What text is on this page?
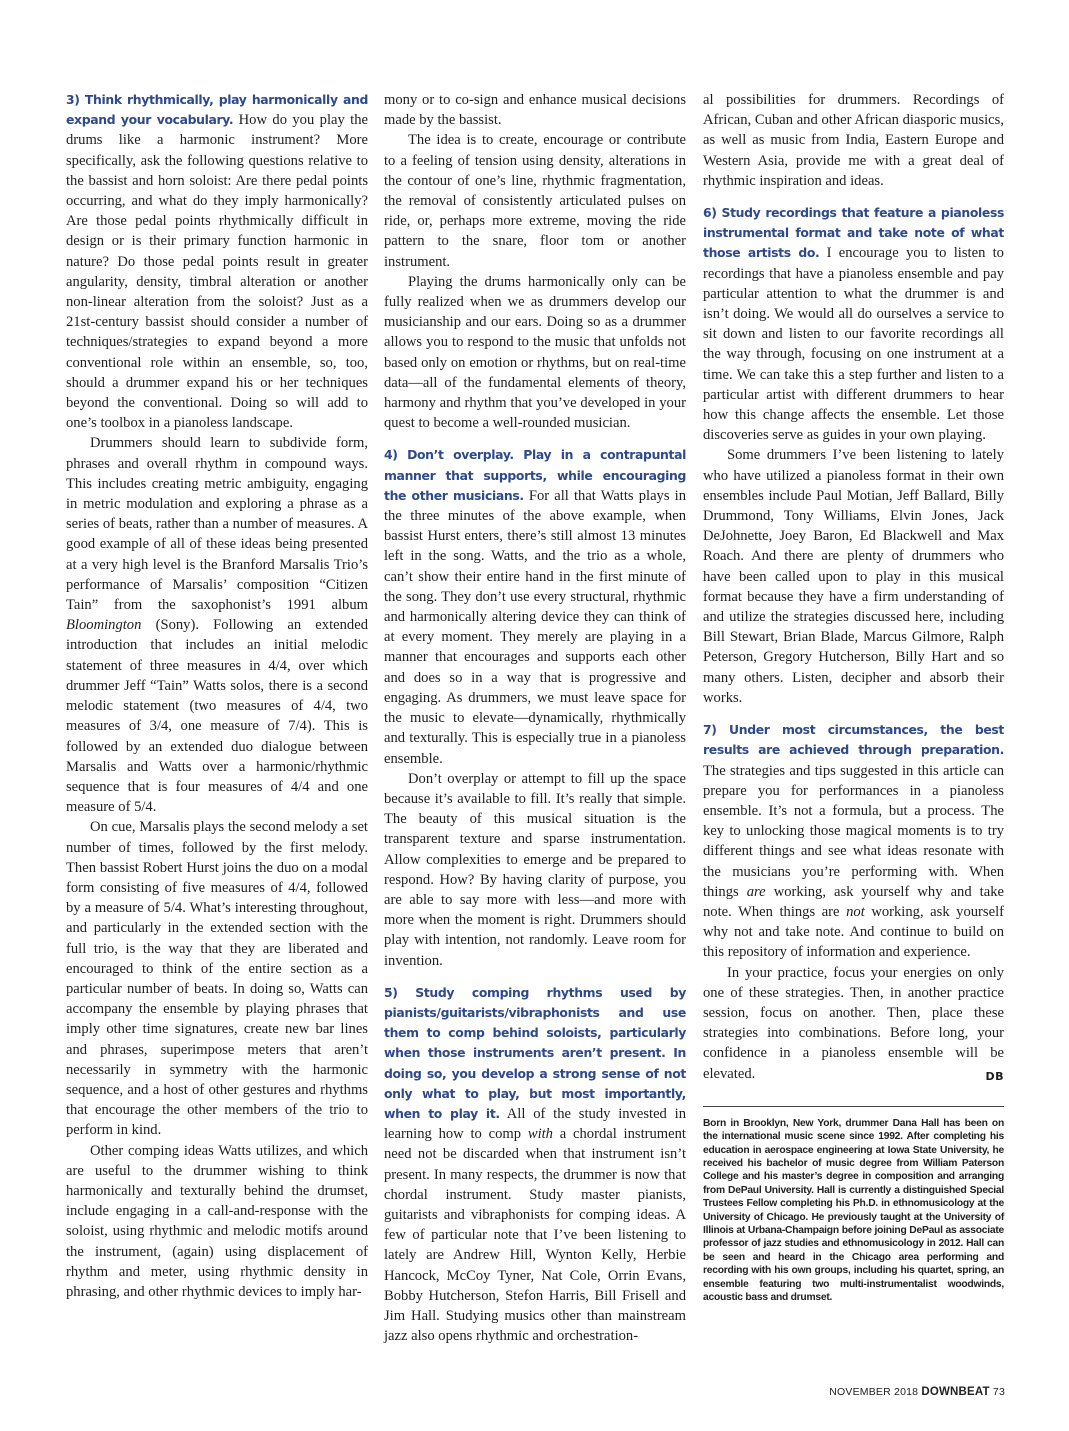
3) Think rhythmically, play harmonically and expand your vocabulary. How do you play the drums like a harmonic instrument? More specifically, ask the following questions relative to the bassist and horn soloist: Are there pedal points occurring, and what do they imply harmonically? Are those pedal points rhythmically difficult in design or is their primary function harmonic in nature? Do those pedal points result in greater angularity, density, timbral alteration or another non-linear alteration from the soloist? Just as a 21st-century bassist should consider a number of techniques/strategies to expand beyond a more conventional role within an ensemble, so, too, should a drummer expand his or her techniques beyond the conventional. Doing so will add to one’s toolbox in a pianoless landscape.

Drummers should learn to subdivide form, phrases and overall rhythm in compound ways. This includes creating metric ambiguity, engaging in metric modulation and exploring a phrase as a series of beats, rather than a number of measures. A good example of all of these ideas being presented at a very high level is the Branford Marsalis Trio’s performance of Marsalis’ composition “Citizen Tain” from the saxophonist’s 1991 album Bloomington (Sony). Following an extended introduction that includes an initial melodic statement of three measures in 4/4, over which drummer Jeff “Tain” Watts solos, there is a second melodic statement (two measures of 4/4, two measures of 3/4, one measure of 7/4). This is followed by an extended duo dialogue between Marsalis and Watts over a harmonic/rhythmic sequence that is four measures of 4/4 and one measure of 5/4.

On cue, Marsalis plays the second melody a set number of times, followed by the first melody. Then bassist Robert Hurst joins the duo on a modal form consisting of five measures of 4/4, followed by a measure of 5/4. What’s interesting throughout, and particularly in the extended section with the full trio, is the way that they are liberated and encouraged to think of the entire section as a particular number of beats. In doing so, Watts can accompany the ensemble by playing phrases that imply other time signatures, create new bar lines and phrases, superimpose meters that aren’t necessarily in symmetry with the harmonic sequence, and a host of other gestures and rhythms that encourage the other members of the trio to perform in kind.

Other comping ideas Watts utilizes, and which are useful to the drummer wishing to think harmonically and texturally behind the drumset, include engaging in a call-and-response with the soloist, using rhythmic and melodic motifs around the instrument, (again) using displacement of rhythm and meter, using rhythmic density in phrasing, and other rhythmic devices to imply har-

mony or to co-sign and enhance musical decisions made by the bassist.

The idea is to create, encourage or contribute to a feeling of tension using density, alterations in the contour of one’s line, rhythmic fragmentation, the removal of consistently articulated pulses on ride, or, perhaps more extreme, moving the ride pattern to the snare, floor tom or another instrument.

Playing the drums harmonically only can be fully realized when we as drummers develop our musicianship and our ears. Doing so as a drummer allows you to respond to the music that unfolds not based only on emotion or rhythms, but on real-time data—all of the fundamental elements of theory, harmony and rhythm that you’ve developed in your quest to become a well-rounded musician.

4) Don’t overplay. Play in a contrapuntal manner that supports, while encouraging the other musicians. For all that Watts plays in the three minutes of the above example, when bassist Hurst enters, there’s still almost 13 minutes left in the song. Watts, and the trio as a whole, can’t show their entire hand in the first minute of the song. They don’t use every structural, rhythmic and harmonically altering device they can think of at every moment. They merely are playing in a manner that encourages and supports each other and does so in a way that is progressive and engaging. As drummers, we must leave space for the music to elevate—dynamically, rhythmically and texturally. This is especially true in a pianoless ensemble.

Don’t overplay or attempt to fill up the space because it’s available to fill. It’s really that simple. The beauty of this musical situation is the transparent texture and sparse instrumentation. Allow complexities to emerge and be prepared to respond. How? By having clarity of purpose, you are able to say more with less—and more with more when the moment is right. Drummers should play with intention, not randomly. Leave room for invention.

5) Study comping rhythms used by pianists/guitarists/vibraphonists and use them to comp behind soloists, particularly when those instruments aren’t present. In doing so, you develop a strong sense of not only what to play, but most importantly, when to play it. All of the study invested in learning how to comp with a chordal instrument need not be discarded when that instrument isn’t present. In many respects, the drummer is now that chordal instrument. Study master pianists, guitarists and vibraphonists for comping ideas. A few of particular note that I’ve been listening to lately are Andrew Hill, Wynton Kelly, Herbie Hancock, McCoy Tyner, Nat Cole, Orrin Evans, Bobby Hutcherson, Stefon Harris, Bill Frisell and Jim Hall. Studying musics other than mainstream jazz also opens rhythmic and orchestration-

al possibilities for drummers. Recordings of African, Cuban and other African diasporic musics, as well as music from India, Eastern Europe and Western Asia, provide me with a great deal of rhythmic inspiration and ideas.

6) Study recordings that feature a pianoless instrumental format and take note of what those artists do. I encourage you to listen to recordings that have a pianoless ensemble and pay particular attention to what the drummer is and isn’t doing. We would all do ourselves a service to sit down and listen to our favorite recordings all the way through, focusing on one instrument at a time. We can take this a step further and listen to a particular artist with different drummers to hear how this change affects the ensemble. Let those discoveries serve as guides in your own playing.

Some drummers I’ve been listening to lately who have utilized a pianoless format in their own ensembles include Paul Motian, Jeff Ballard, Billy Drummond, Tony Williams, Elvin Jones, Jack DeJohnette, Joey Baron, Ed Blackwell and Max Roach. And there are plenty of drummers who have been called upon to play in this musical format because they have a firm understanding of and utilize the strategies discussed here, including Bill Stewart, Brian Blade, Marcus Gilmore, Ralph Peterson, Gregory Hutcherson, Billy Hart and so many others. Listen, decipher and absorb their works.

7) Under most circumstances, the best results are achieved through preparation. The strategies and tips suggested in this article can prepare you for performances in a pianoless ensemble. It’s not a formula, but a process. The key to unlocking those magical moments is to try different things and see what ideas resonate with the musicians you’re performing with. When things are working, ask yourself why and take note. When things are not working, ask yourself why not and take note. And continue to build on this repository of information and experience.

In your practice, focus your energies on only one of these strategies. Then, in another practice session, focus on another. Then, place these strategies into combinations. Before long, your confidence in a pianoless ensemble will be elevated.	DB

Born in Brooklyn, New York, drummer Dana Hall has been on the international music scene since 1992. After completing his education in aerospace engineering at Iowa State University, he received his bachelor of music degree from William Paterson College and his master’s degree in composition and arranging from DePaul University. Hall is currently a distinguished Special Trustees Fellow completing his Ph.D. in ethnomusicology at the University of Chicago. He previously taught at the University of Illinois at Urbana-Champaign before joining DePaul as associate professor of jazz studies and ethnomusicology in 2012. Hall can be seen and heard in the Chicago area performing and recording with his own groups, including his quartet, spring, an ensemble featuring two multi-instrumentalist woodwinds, acoustic bass and drumset.
NOVEMBER 2018 DOWNBEAT 73
